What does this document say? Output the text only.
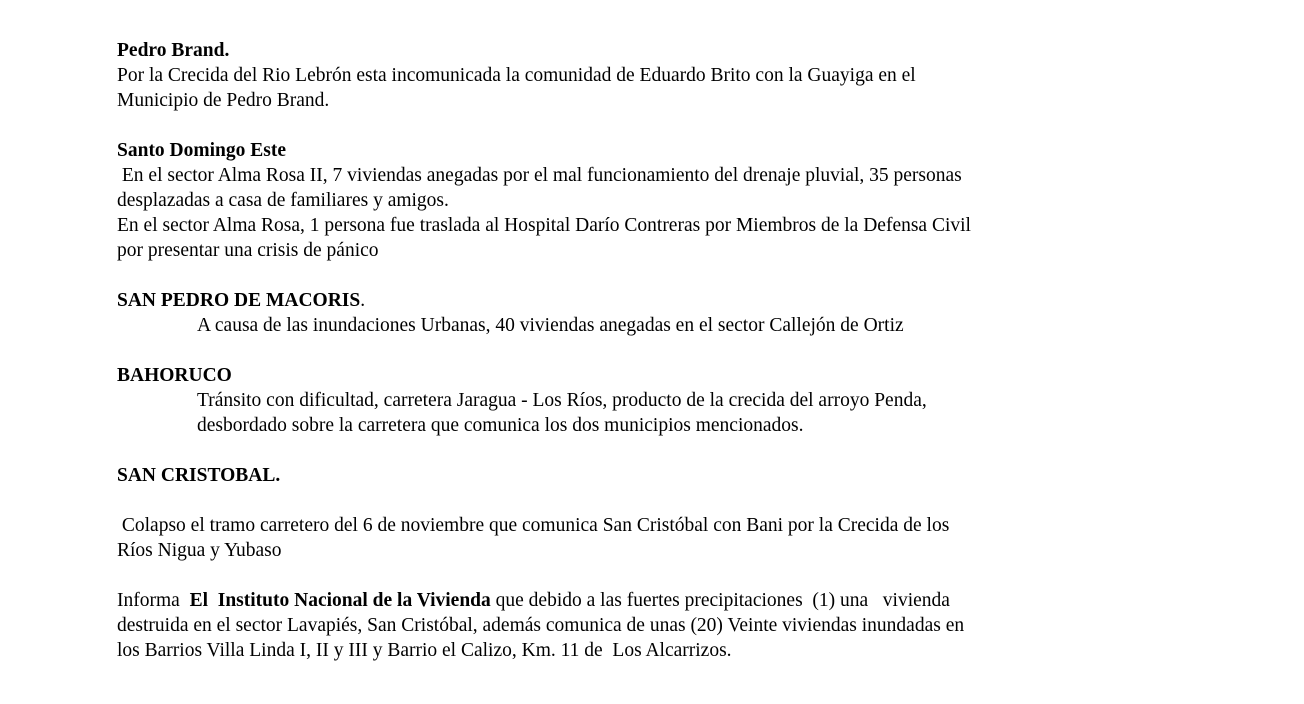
Pedro Brand.
Por la Crecida del Rio Lebrón esta incomunicada la comunidad de Eduardo Brito con la Guayiga en el
Municipio de Pedro Brand.
Santo Domingo Este
En el sector Alma Rosa II, 7 viviendas anegadas por el mal funcionamiento del drenaje pluvial, 35 personas
desplazadas a casa de familiares y amigos.
En el sector Alma Rosa, 1 persona fue traslada al Hospital Darío Contreras por Miembros de la Defensa Civil
por presentar una crisis de pánico
SAN PEDRO DE MACORIS.
A causa de las inundaciones Urbanas, 40 viviendas anegadas en el sector Callejón de Ortiz
BAHORUCO
Tránsito con dificultad, carretera Jaragua - Los Ríos, producto de la crecida del arroyo Penda,
desbordado sobre la carretera que comunica los dos municipios mencionados.
SAN CRISTOBAL.
Colapso el tramo carretero del 6 de noviembre que comunica San Cristóbal con Bani por la Crecida de los
Ríos Nigua y Yubaso
Informa  El  Instituto Nacional de la Vivienda que debido a las fuertes precipitaciones  (1) una   vivienda
destruida en el sector Lavapiés, San Cristóbal, además comunica de unas (20) Veinte viviendas inundadas en
los Barrios Villa Linda I, II y III y Barrio el Calizo, Km. 11 de  Los Alcarrizos.
